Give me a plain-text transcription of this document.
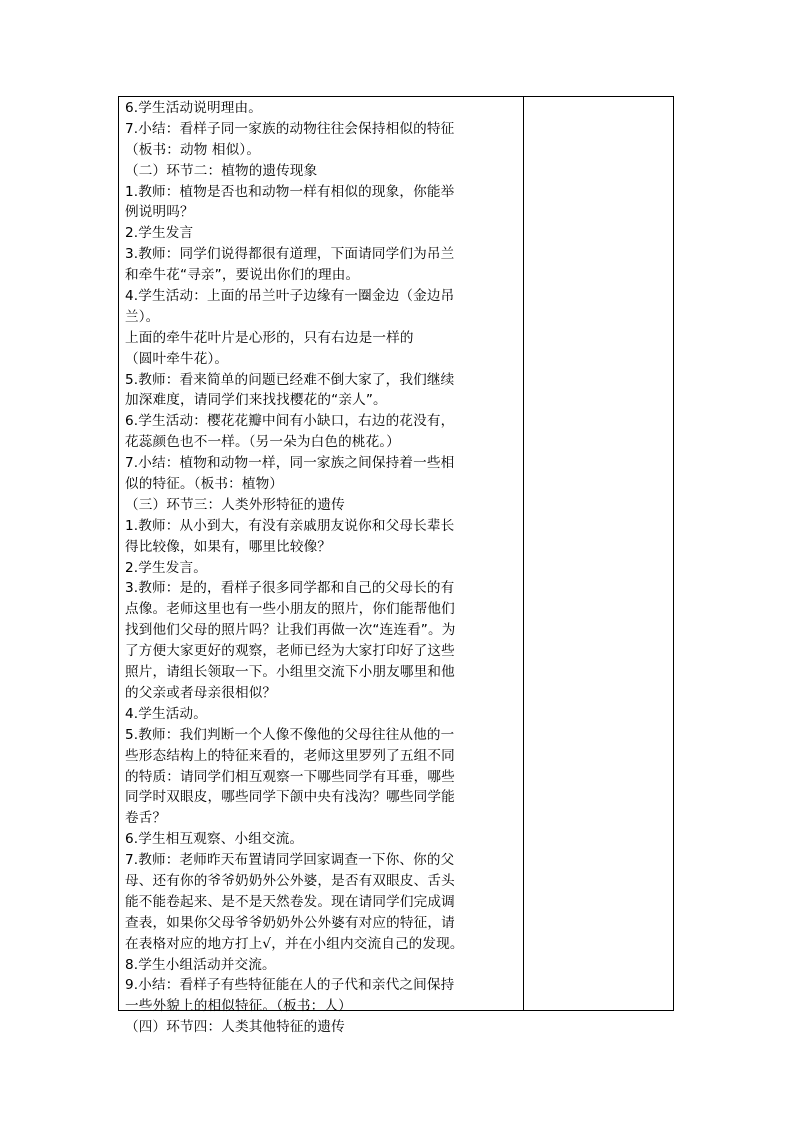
6.学生活动说明理由。
7.小结：看样子同一家族的动物往往会保持相似的特征
（板书：动物 相似）。
（二）环节二：植物的遗传现象
1.教师：植物是否也和动物一样有相似的现象，你能举
例说明吗？
2.学生发言
3.教师：同学们说得都很有道理，下面请同学们为吊兰
和牵牛花“寻亲”，要说出你们的理由。
4.学生活动：上面的吊兰叶子边缘有一圈金边（金边吊
兰）。
上面的牵牛花叶片是心形的，只有右边是一样的
（圆叶牵牛花）。
5.教师：看来简单的问题已经难不倒大家了，我们继续
加深难度，请同学们来找找樱花的“亲人”。
6.学生活动：樱花花瓣中间有小缺口，右边的花没有，
花蕊颜色也不一样。（另一朵为白色的桃花。）
7.小结：植物和动物一样，同一家族之间保持着一些相
似的特征。（板书：植物）
（三）环节三：人类外形特征的遗传
1.教师：从小到大，有没有亲戚朋友说你和父母长辈长
得比较像，如果有，哪里比较像？
2.学生发言。
3.教师：是的，看样子很多同学都和自己的父母长的有
点像。老师这里也有一些小朋友的照片，你们能帮他们
找到他们父母的照片吗？让我们再做一次“连连看”。为
了方便大家更好的观察，老师已经为大家打印好了这些
照片，请组长领取一下。小组里交流下小朋友哪里和他
的父亲或者母亲很相似？
4.学生活动。
5.教师：我们判断一个人像不像他的父母往往从他的一
些形态结构上的特征来看的，老师这里罗列了五组不同
的特质：请同学们相互观察一下哪些同学有耳垂，哪些
同学时双眼皮，哪些同学下颌中央有浅沟？哪些同学能
卷舌？
6.学生相互观察、小组交流。
7.教师：老师昨天布置请同学回家调查一下你、你的父
母、还有你的爷爷奶奶外公外婆，是否有双眼皮、舌头
能不能卷起来、是不是天然卷发。现在请同学们完成调
查表，如果你父母爷爷奶奶外公外婆有对应的特征，请
在表格对应的地方打上√，并在小组内交流自己的发现。
8.学生小组活动并交流。
9.小结：看样子有些特征能在人的子代和亲代之间保持
一些外貌上的相似特征。（板书：人）
（四）环节四：人类其他特征的遗传
